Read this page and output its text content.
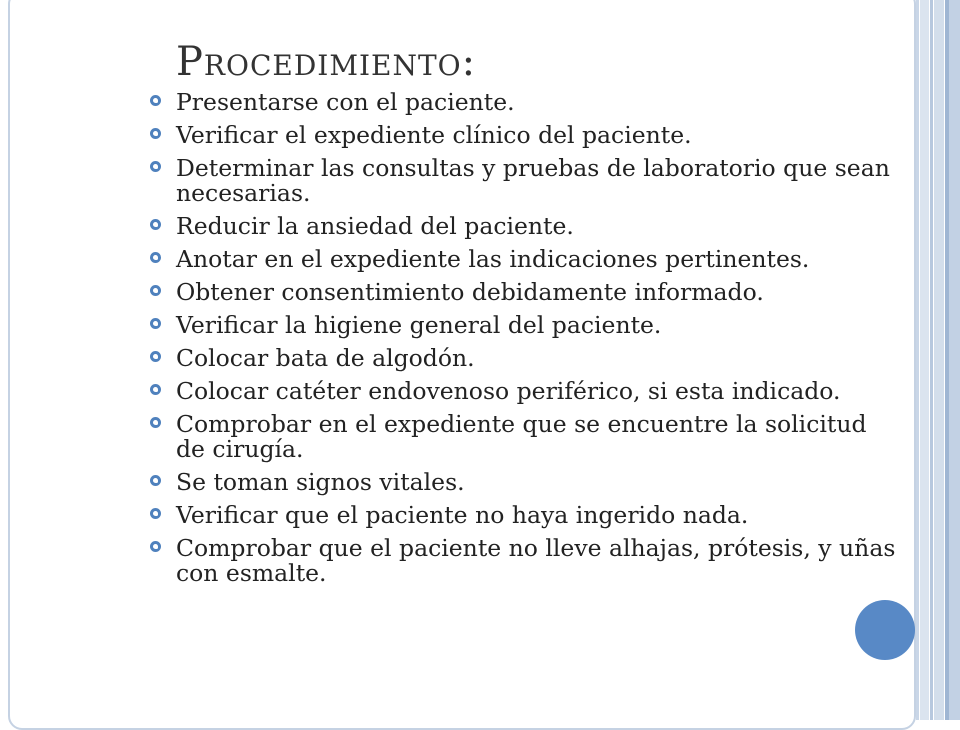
Procedimiento:
Presentarse con el paciente.
Verificar el expediente clínico del paciente.
Determinar las consultas y pruebas de laboratorio que sean necesarias.
Reducir la ansiedad del paciente.
Anotar en el expediente las indicaciones pertinentes.
Obtener consentimiento debidamente informado.
Verificar la higiene general del paciente.
Colocar bata de algodón.
Colocar catéter endovenoso periférico, si esta indicado.
Comprobar en el expediente que se encuentre la solicitud de cirugía.
Se toman signos vitales.
Verificar que el paciente no haya ingerido nada.
Comprobar que el paciente no lleve alhajas, prótesis, y uñas con esmalte.
